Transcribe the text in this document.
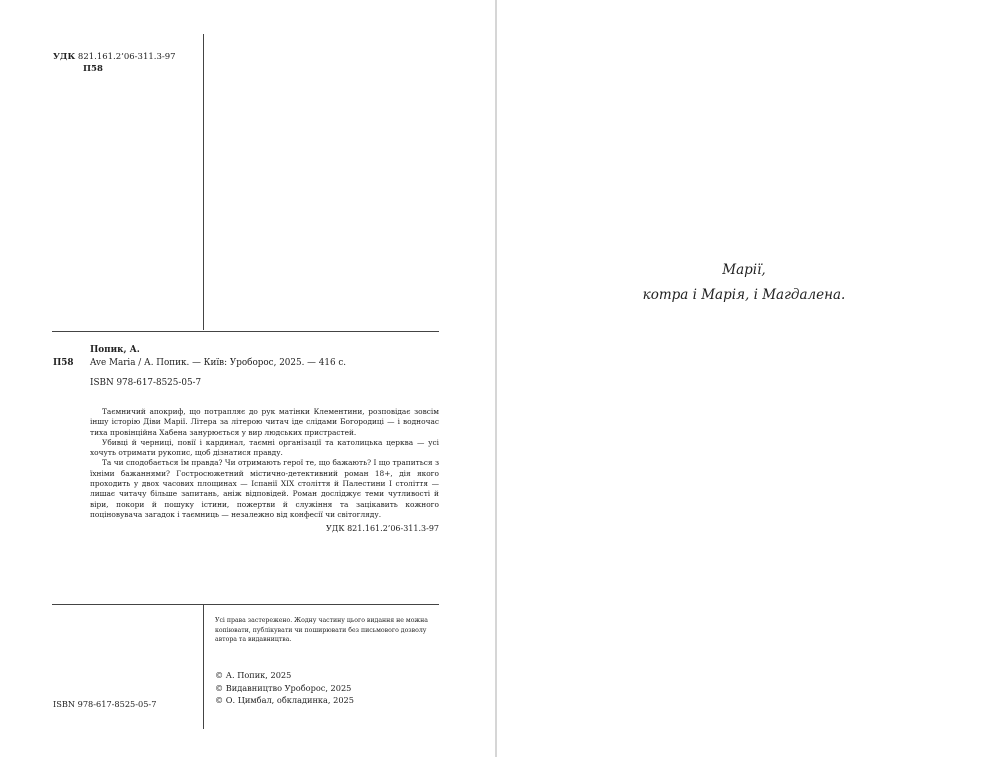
УДК 821.161.2’06-311.3-97
П58
Попик, А.
П58 Ave Maria / А. Попик. — Київ: Уроборос, 2025. — 416 с.
ISBN 978-617-8525-05-7

Таємничий апокриф, що потрапляє до рук матінки Клементини, розповідає зовсім іншу історію Діви Марії. Літера за літерою читач іде слідами Богородиці — і водночас тиха провінційна Хабена занурюється у вир людських пристрастей.

Убивці й черниці, повії і кардинал, таємні організації та католицька церква — усі хочуть отримати рукопис, щоб дізнатися правду.

Та чи сподобається їм правда? Чи отримають герої те, що бажають? І що трапиться з їхніми бажаннями? Гостросюжетний містично-детективний роман 18+, дія якого проходить у двох часових площинах — Іспанії XIX століття й Палестини І століття — лишає читачу більше запитань, аніж відповідей. Роман досліджує теми чутливості й віри, покори й пошуку істини, пожертви й служіння та зацікавить кожного поціновувача загадок і таємниць — незалежно від конфесії чи світогляду.

УДК 821.161.2’06-311.3-97

Усі права застережено. Жодну частину цього видання не можна копіювати, публікувати чи поширювати без письмового дозволу автора та видавництва.
© А. Попик, 2025
© Видавництво Уроборос, 2025
© О. Цимбал, обкладинка, 2025
ISBN 978-617-8525-05-7
Марії,
котра і Марія, і Магдалена.
